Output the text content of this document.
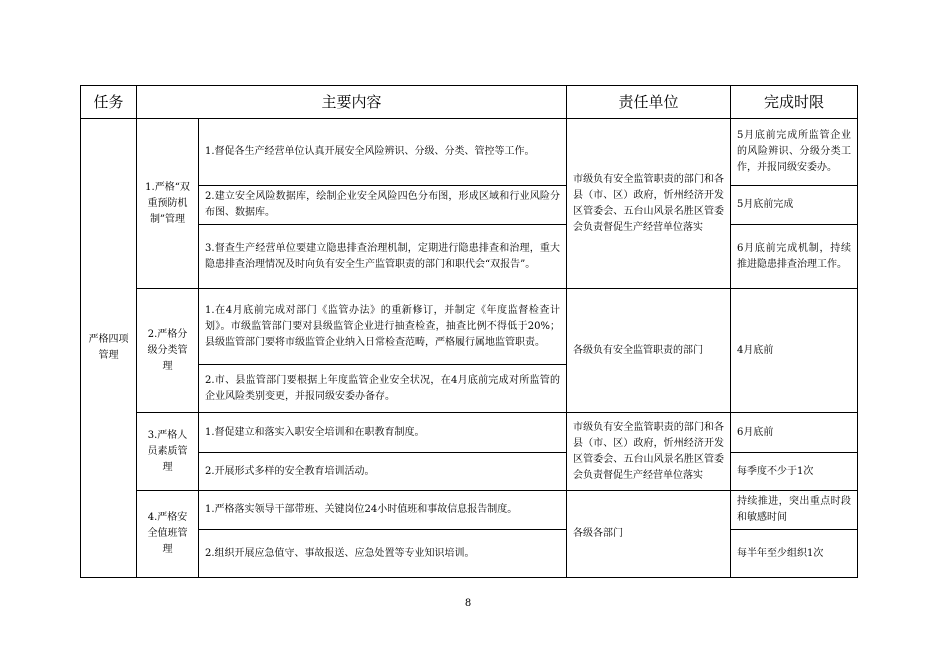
任务	主要内容		责任单位	完成时限
严格四项管理	1.严格“双重预防机制”管理	1.督促各生产经营单位认真开展安全风险辨识、分级、分类、管控等工作。	市级负有安全监管职责的部门和各县（市、区）政府，忻州经济开发区管委会、五台山风景名胜区管委会负责督促生产经营单位落实	5月底前完成所监管企业的风险辨识、分级分类工作，并报同级安委办。
		2.建立安全风险数据库，绘制企业安全风险四色分布图，形成区域和行业风险分布图、数据库。		5月底前完成
		3.督查生产经营单位要建立隐患排查治理机制，定期进行隐患排查和治理，重大隐患排查治理情况及时向负有安全生产监管职责的部门和职代会“双报告”。		6月底前完成机制，持续推进隐患排查治理工作。
	2.严格分级分类管理	1.在4月底前完成对部门《监管办法》的重新修订，并制定《年度监督检查计划》。市级监管部门要对县级监管企业进行抽查检查，抽查比例不得低于20%；县级监管部门要将市级监管企业纳入日常检查范畴，严格履行属地监管职责。	各级负有安全监管职责的部门	4月底前
		2.市、县监管部门要根据上年度监管企业安全状况，在4月底前完成对所监管的企业风险类别变更，并报同级安委办备存。		
	3.严格人员素质管理	1.督促建立和落实入职安全培训和在职教育制度。	市级负有安全监管职责的部门和各县（市、区）政府，忻州经济开发区管委会、五台山风景名胜区管委会负责督促生产经营单位落实	6月底前
		2.开展形式多样的安全教育培训活动。		每季度不少于1次
	4.严格安全值班管理	1.严格落实领导干部带班、关键岗位24小时值班和事故信息报告制度。	各级各部门	持续推进，突出重点时段和敏感时间
		2.组织开展应急值守、事故报送、应急处置等专业知识培训。		每半年至少组织1次
8
